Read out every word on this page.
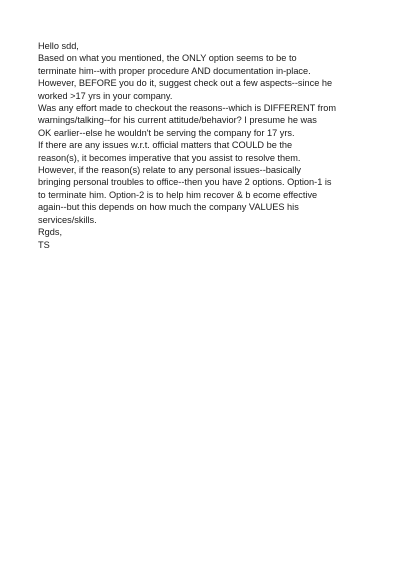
Hello sdd,
Based on what you mentioned, the ONLY option seems to be to
terminate him--with proper procedure AND documentation in-place.
However, BEFORE you do it, suggest check out a few aspects--since he
worked >17 yrs in your company.
Was any effort made to checkout the reasons--which is DIFFERENT from
warnings/talking--for his current attitude/behavior? I presume he was
OK earlier--else he wouldn't be serving the company for 17 yrs.
If there are any issues w.r.t. official matters that COULD be the
reason(s), it becomes imperative that you assist to resolve them.
However, if the reason(s) relate to any personal issues--basically
bringing personal troubles to office--then you have 2 options. Option-1 is
to terminate him. Option-2 is to help him recover & b ecome effective
again--but this depends on how much the company VALUES his
services/skills.
Rgds,
TS
